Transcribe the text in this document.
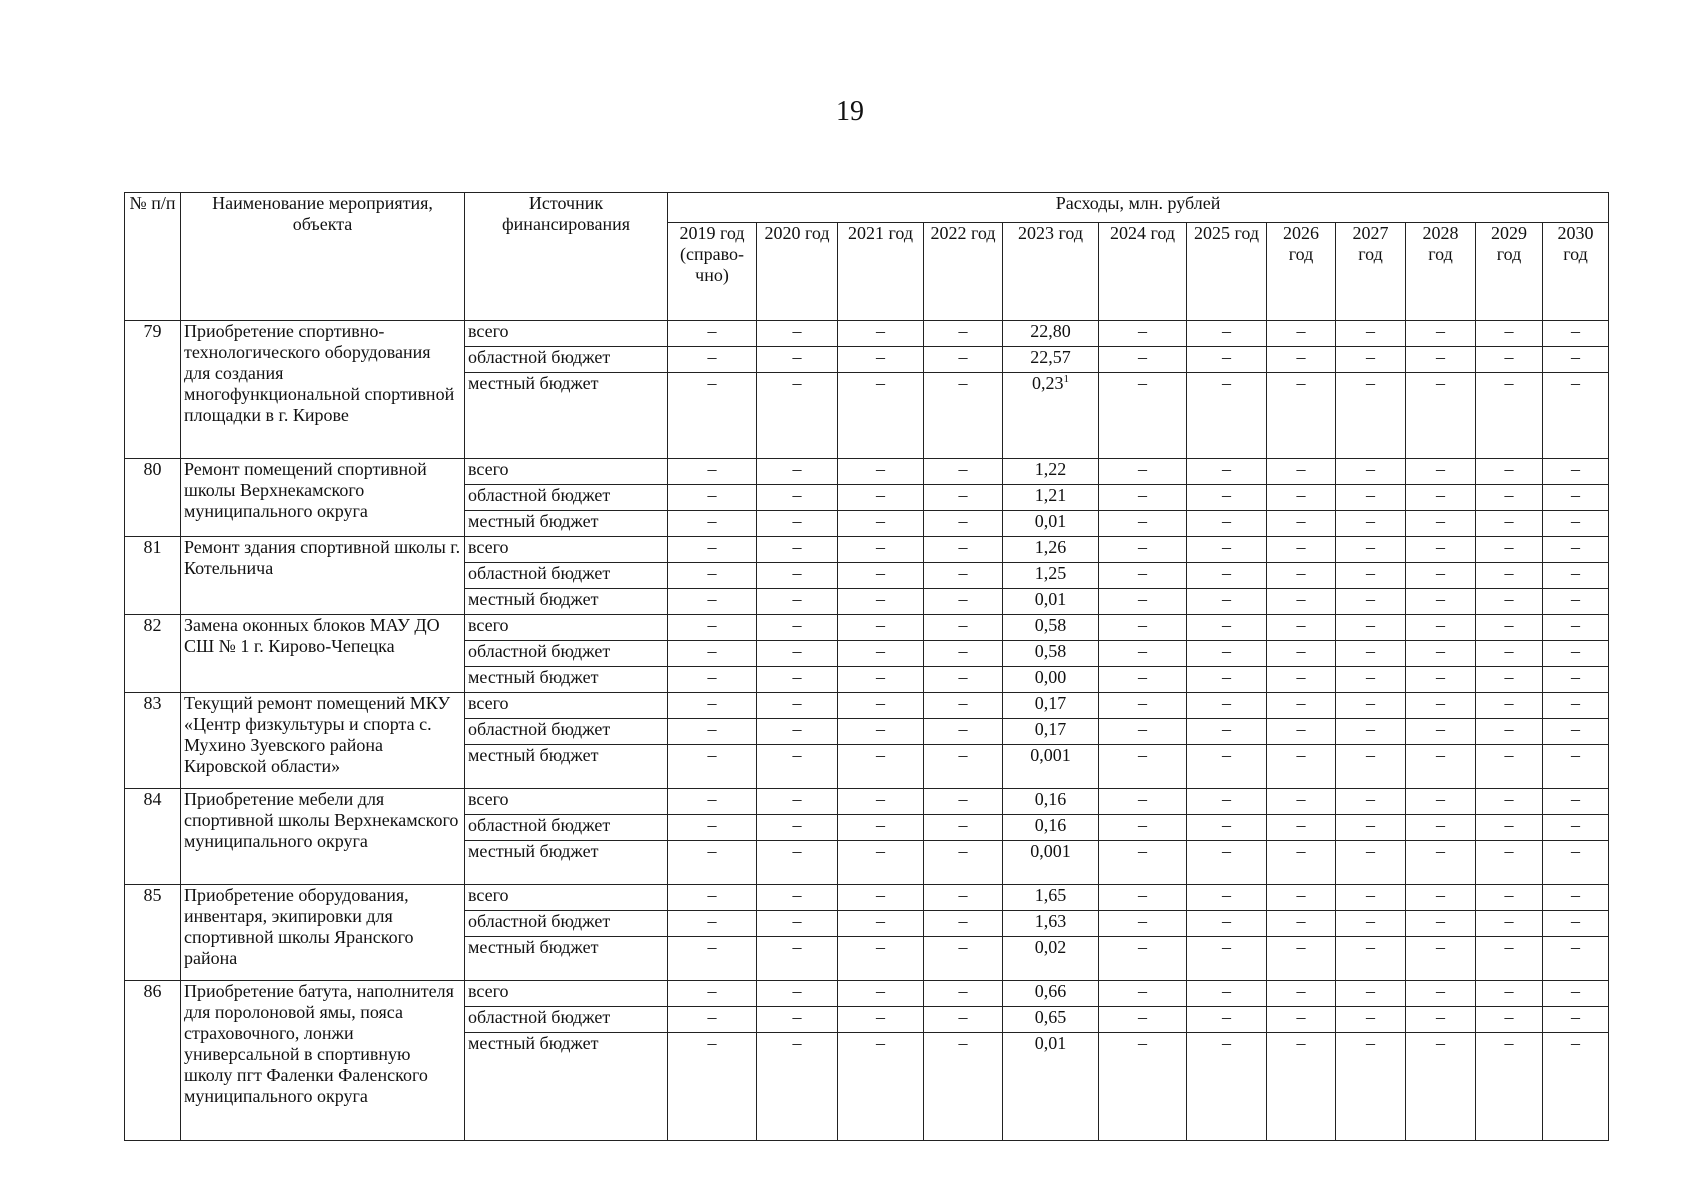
19
№ п/п	Наименование мероприятия, объекта	Источник финансирования	Расходы, млн. рублей											
			2019 год (справо-чно)	2020 год	2021 год	2022 год	2023 год	2024 год	2025 год	2026 год	2027 год	2028 год	2029 год	2030 год
79	Приобретение спортивно-технологического оборудования для создания многофункциональной спортивной площадки в г. Кирове	всего	–	–	–	–	22,80	–	–	–	–	–	–	–
		областной бюджет	–	–	–	–	22,57	–	–	–	–	–	–	–
		местный бюджет	–	–	–	–	0,23$^1$	–	–	–	–	–	–	–
80	Ремонт помещений спортивной школы Верхнекамского муниципального округа	всего	–	–	–	–	1,22	–	–	–	–	–	–	–
		областной бюджет	–	–	–	–	1,21	–	–	–	–	–	–	–
		местный бюджет	–	–	–	–	0,01	–	–	–	–	–	–	–
81	Ремонт здания спортивной школы г. Котельнича	всего	–	–	–	–	1,26	–	–	–	–	–	–	–
		областной бюджет	–	–	–	–	1,25	–	–	–	–	–	–	–
		местный бюджет	–	–	–	–	0,01	–	–	–	–	–	–	–
82	Замена оконных блоков МАУ ДО СШ № 1 г. Кирово-Чепецка	всего	–	–	–	–	0,58	–	–	–	–	–	–	–
		областной бюджет	–	–	–	–	0,58	–	–	–	–	–	–	–
		местный бюджет	–	–	–	–	0,00	–	–	–	–	–	–	–
83	Текущий ремонт помещений МКУ «Центр физкультуры и спорта с. Мухино Зуевского района Кировской области»	всего	–	–	–	–	0,17	–	–	–	–	–	–	–
		областной бюджет	–	–	–	–	0,17	–	–	–	–	–	–	–
		местный бюджет	–	–	–	–	0,001	–	–	–	–	–	–	–
84	Приобретение мебели для спортивной школы Верхнекамского муниципального округа	всего	–	–	–	–	0,16	–	–	–	–	–	–	–
		областной бюджет	–	–	–	–	0,16	–	–	–	–	–	–	–
		местный бюджет	–	–	–	–	0,001	–	–	–	–	–	–	–
85	Приобретение оборудования, инвентаря, экипировки для спортивной школы Яранского района	всего	–	–	–	–	1,65	–	–	–	–	–	–	–
		областной бюджет	–	–	–	–	1,63	–	–	–	–	–	–	–
		местный бюджет	–	–	–	–	0,02	–	–	–	–	–	–	–
86	Приобретение батута, наполнителя для поролоновой ямы, пояса страховочного, лонжи универсальной в спортивную школу пгт Фаленки Фаленского муниципального округа	всего	–	–	–	–	0,66	–	–	–	–	–	–	–
		областной бюджет	–	–	–	–	0,65	–	–	–	–	–	–	–
		местный бюджет	–	–	–	–	0,01	–	–	–	–	–	–	–
